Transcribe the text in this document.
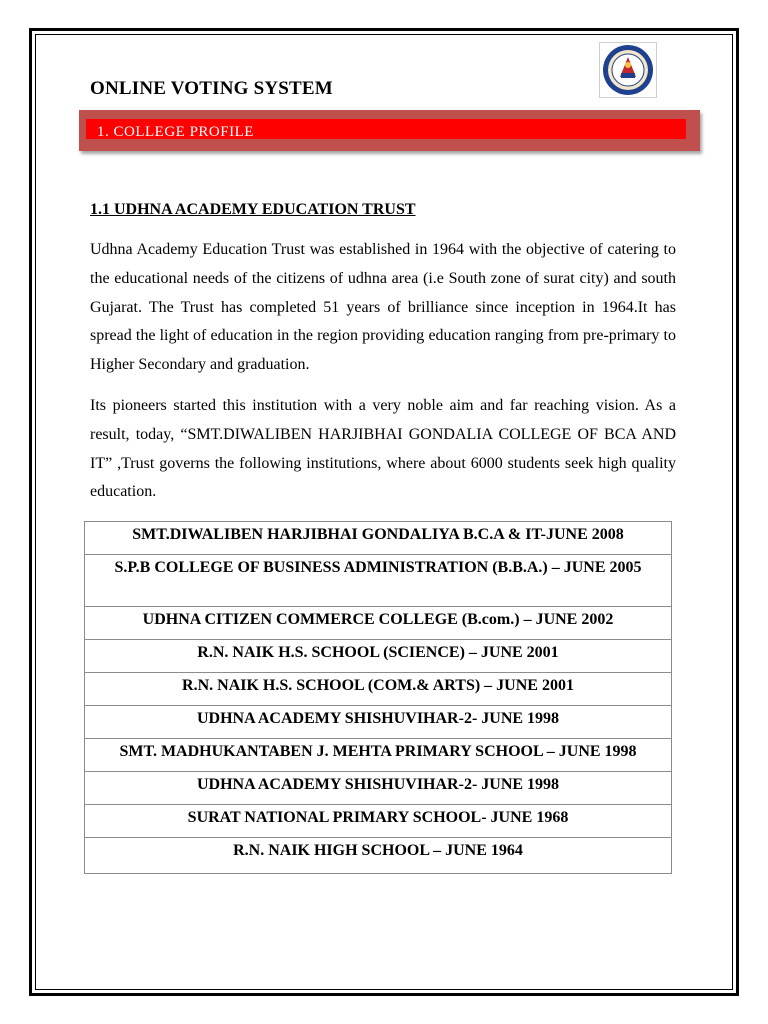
ONLINE VOTING SYSTEM
1. COLLEGE PROFILE
1.1 UDHNA ACADEMY EDUCATION TRUST

Udhna Academy Education Trust was established in 1964 with the objective of catering to the educational needs of the citizens of udhna area (i.e South zone of surat city) and south Gujarat. The Trust has completed 51 years of brilliance since inception in 1964.It has spread the light of education in the region providing education ranging from pre-primary to Higher Secondary and graduation.

Its pioneers started this institution with a very noble aim and far reaching vision. As a result, today, “SMT.DIWALIBEN HARJIBHAI GONDALIA COLLEGE OF BCA AND IT” ,Trust governs the following institutions, where about 6000 students seek high quality education.

SMT.DIWALIBEN HARJIBHAI GONDALIYA B.C.A & IT-JUNE 2008

S.P.B COLLEGE OF BUSINESS ADMINISTRATION (B.B.A.) – JUNE 2005

UDHNA CITIZEN COMMERCE COLLEGE (B.com.) – JUNE 2002

R.N. NAIK H.S. SCHOOL (SCIENCE) – JUNE 2001

R.N. NAIK H.S. SCHOOL (COM.& ARTS) – JUNE 2001

UDHNA ACADEMY SHISHUVIHAR-2- JUNE 1998

SMT. MADHUKANTABEN J. MEHTA PRIMARY SCHOOL – JUNE 1998

UDHNA ACADEMY SHISHUVIHAR-2- JUNE 1998

SURAT NATIONAL PRIMARY SCHOOL- JUNE 1968

R.N. NAIK HIGH SCHOOL – JUNE 1964
